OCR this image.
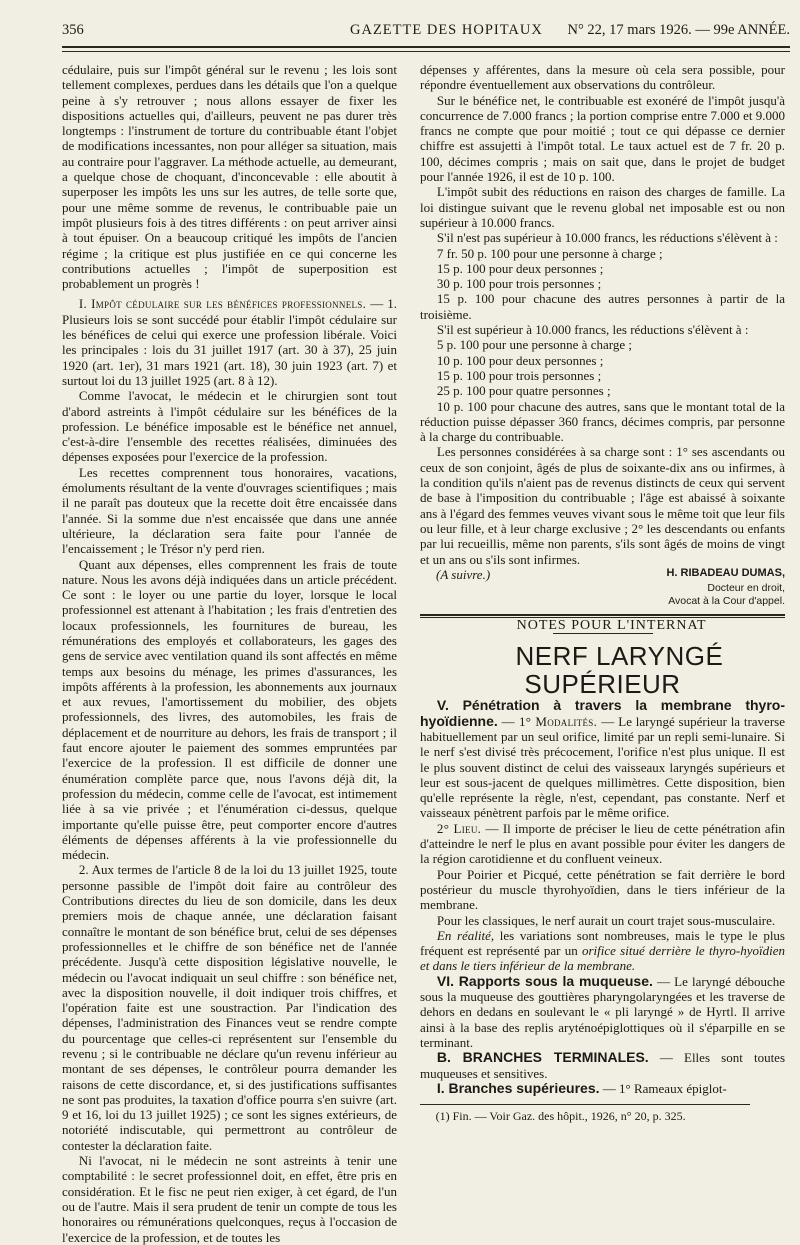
356	GAZETTE DES HOPITAUX N° 22, 17 mars 1926. — 99e ANNÉE.

cédulaire, puis sur l'impôt général sur le revenu ; les lois sont tellement complexes, perdues dans les détails que l'on a quelque peine à s'y retrouver ; nous allons essayer de fixer les dispositions actuelles qui, d'ailleurs, peuvent ne pas durer très longtemps : l'instrument de torture du contribuable étant l'objet de modifications incessantes, non pour alléger sa situation, mais au contraire pour l'aggraver. La méthode actuelle, au demeurant, a quelque chose de choquant, d'inconcevable : elle aboutit à superposer les impôts les uns sur les autres, de telle sorte que, pour une même somme de revenus, le contribuable paie un impôt plusieurs fois à des titres différents : on peut arriver ainsi à tout épuiser. On a beaucoup critiqué les impôts de l'ancien régime ; la critique est plus justifiée en ce qui concerne les contributions actuelles ; l'impôt de superposition est probablement un progrès !

I. Impôt cédulaire sur les bénéfices professionnels. — 1. Plusieurs lois se sont succédé pour établir l'impôt cédulaire sur les bénéfices de celui qui exerce une profession libérale. Voici les principales : lois du 31 juillet 1917 (art. 30 à 37), 25 juin 1920 (art. 1er), 31 mars 1921 (art. 18), 30 juin 1923 (art. 7) et surtout loi du 13 juillet 1925 (art. 8 à 12).

Comme l'avocat, le médecin et le chirurgien sont tout d'abord astreints à l'impôt cédulaire sur les bénéfices de la profession. Le bénéfice imposable est le bénéfice net annuel, c'est-à-dire l'ensemble des recettes réalisées, diminuées des dépenses exposées pour l'exercice de la profession.

Les recettes comprennent tous honoraires, vacations, émoluments résultant de la vente d'ouvrages scientifiques ; mais il ne paraît pas douteux que la recette doit être encaissée dans l'année. Si la somme due n'est encaissée que dans une année ultérieure, la déclaration sera faite pour l'année de l'encaissement ; le Trésor n'y perd rien.

Quant aux dépenses, elles comprennent les frais de toute nature. Nous les avons déjà indiquées dans un article précédent. Ce sont : le loyer ou une partie du loyer, lorsque le local professionnel est attenant à l'habitation ; les frais d'entretien des locaux professionnels, les fournitures de bureau, les rémunérations des employés et collaborateurs, les gages des gens de service avec ventilation quand ils sont affectés en même temps aux besoins du ménage, les primes d'assurances, les impôts afférents à la profession, les abonnements aux journaux et aux revues, l'amortissement du mobilier, des objets professionnels, des livres, des automobiles, les frais de déplacement et de nourriture au dehors, les frais de transport ; il faut encore ajouter le paiement des sommes empruntées par l'exercice de la profession. Il est difficile de donner une énumération complète parce que, nous l'avons déjà dit, la profession du médecin, comme celle de l'avocat, est intimement liée à sa vie privée ; et l'énumération ci-dessus, quelque importante qu'elle puisse être, peut comporter encore d'autres éléments de dépenses afférents à la vie professionnelle du médecin.

2. Aux termes de l'article 8 de la loi du 13 juillet 1925, toute personne passible de l'impôt doit faire au contrôleur des Contributions directes du lieu de son domicile, dans les deux premiers mois de chaque année, une déclaration faisant connaître le montant de son bénéfice brut, celui de ses dépenses professionnelles et le chiffre de son bénéfice net de l'année précédente. Jusqu'à cette disposition législative nouvelle, le médecin ou l'avocat indiquait un seul chiffre : son bénéfice net, avec la disposition nouvelle, il doit indiquer trois chiffres, et l'opération faite est une soustraction. Par l'indication des dépenses, l'administration des Finances veut se rendre compte du pourcentage que celles-ci représentent sur l'ensemble du revenu ; si le contribuable ne déclare qu'un revenu inférieur au montant de ses dépenses, le contrôleur pourra demander les raisons de cette discordance, et, si des justifications suffisantes ne sont pas produites, la taxation d'office pourra s'en suivre (art. 9 et 16, loi du 13 juillet 1925) ; ce sont les signes extérieurs, de notoriété indiscutable, qui permettront au contrôleur de contester la déclaration faite.

Ni l'avocat, ni le médecin ne sont astreints à tenir une comptabilité : le secret professionnel doit, en effet, être pris en considération. Et le fisc ne peut rien exiger, à cet égard, de l'un ou de l'autre. Mais il sera prudent de tenir un compte de tous les honoraires ou rémunérations quelconques, reçus à l'occasion de l'exercice de la profession, et de toutes les

dépenses y afférentes, dans la mesure où cela sera possible, pour répondre éventuellement aux observations du contrôleur.

Sur le bénéfice net, le contribuable est exonéré de l'impôt jusqu'à concurrence de 7.000 francs ; la portion comprise entre 7.000 et 9.000 francs ne compte que pour moitié ; tout ce qui dépasse ce dernier chiffre est assujetti à l'impôt total. Le taux actuel est de 7 fr. 20 p. 100, décimes compris ; mais on sait que, dans le projet de budget pour l'année 1926, il est de 10 p. 100.

L'impôt subit des réductions en raison des charges de famille. La loi distingue suivant que le revenu global net imposable est ou non supérieur à 10.000 francs.

S'il n'est pas supérieur à 10.000 francs, les réductions s'élèvent à :

7 fr. 50 p. 100 pour une personne à charge ;

15 p. 100 pour deux personnes ;

30 p. 100 pour trois personnes ;

15 p. 100 pour chacune des autres personnes à partir de la troisième.

S'il est supérieur à 10.000 francs, les réductions s'élèvent à :

5 p. 100 pour une personne à charge ;

10 p. 100 pour deux personnes ;

15 p. 100 pour trois personnes ;

25 p. 100 pour quatre personnes ;

10 p. 100 pour chacune des autres, sans que le montant total de la réduction puisse dépasser 360 francs, décimes compris, par personne à la charge du contribuable.

Les personnes considérées à sa charge sont : 1° ses ascendants ou ceux de son conjoint, âgés de plus de soixante-dix ans ou infirmes, à la condition qu'ils n'aient pas de revenus distincts de ceux qui servent de base à l'imposition du contribuable ; l'âge est abaissé à soixante ans à l'égard des femmes veuves vivant sous le même toit que leur fils ou leur fille, et à leur charge exclusive ; 2° les descendants ou enfants par lui recueillis, même non parents, s'ils sont âgés de moins de vingt et un ans ou s'ils sont infirmes.

(A suivre.)	H. RIBADEAU DUMAS,

Docteur en droit,

Avocat à la Cour d'appel.

NOTES POUR L'INTERNAT

NERF LARYNGÉ SUPÉRIEUR

V. Pénétration à travers la membrane thyro-hyoïdienne. — 1° Modalités. — Le laryngé supérieur la traverse habituellement par un seul orifice, limité par un repli semi-lunaire. Si le nerf s'est divisé très précocement, l'orifice n'est plus unique. Il est le plus souvent distinct de celui des vaisseaux laryngés supérieurs et leur est sous-jacent de quelques millimètres. Cette disposition, bien qu'elle représente la règle, n'est, cependant, pas constante. Nerf et vaisseaux pénètrent parfois par le même orifice.

2° Lieu. — Il importe de préciser le lieu de cette pénétration afin d'atteindre le nerf le plus en avant possible pour éviter les dangers de la région carotidienne et du confluent veineux.

Pour Poirier et Picqué, cette pénétration se fait derrière le bord postérieur du muscle thyrohyoïdien, dans le tiers inférieur de la membrane.

Pour les classiques, le nerf aurait un court trajet sous-musculaire.

En réalité, les variations sont nombreuses, mais le type le plus fréquent est représenté par un orifice situé derrière le thyro-hyoïdien et dans le tiers inférieur de la membrane.

VI. Rapports sous la muqueuse. — Le laryngé débouche sous la muqueuse des gouttières pharyngolaryngées et les traverse de dehors en dedans en soulevant le « pli laryngé » de Hyrtl. Il arrive ainsi à la base des replis aryténoépiglottiques où il s'éparpille en se terminant.

B. BRANCHES TERMINALES. — Elles sont toutes muqueuses et sensitives.

I. Branches supérieures. — 1° Rameaux épiglot-

(1) Fin. — Voir Gaz. des hôpit., 1926, n° 20, p. 325.
